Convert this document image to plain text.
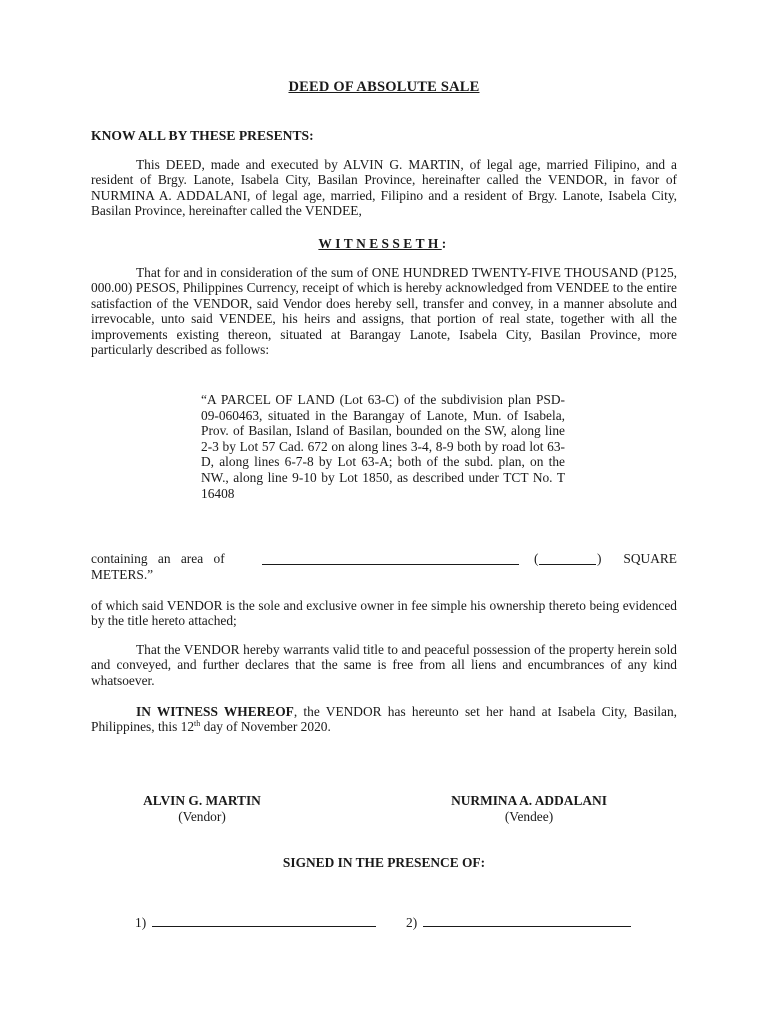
DEED OF ABSOLUTE SALE
KNOW ALL BY THESE PRESENTS:
This DEED, made and executed by ALVIN G. MARTIN, of legal age, married Filipino, and a resident of Brgy. Lanote, Isabela City, Basilan Province, hereinafter called the VENDOR, in favor of NURMINA A. ADDALANI, of legal age, married, Filipino and a resident of Brgy. Lanote, Isabela City, Basilan Province, hereinafter called the VENDEE,
WITNESSETH:
That for and in consideration of the sum of ONE HUNDRED TWENTY-FIVE THOUSAND (P125, 000.00) PESOS, Philippines Currency, receipt of which is hereby acknowledged from VENDEE to the entire satisfaction of the VENDOR, said Vendor does hereby sell, transfer and convey, in a manner absolute and irrevocable, unto said VENDEE, his heirs and assigns, that portion of real state, together with all the improvements existing thereon, situated at Barangay Lanote, Isabela City, Basilan Province, more particularly described as follows:
“A PARCEL OF LAND (Lot 63-C) of the subdivision plan PSD-09-060463, situated in the Barangay of Lanote, Mun. of Isabela, Prov. of Basilan, Island of Basilan, bounded on the SW, along line 2-3 by Lot 57 Cad. 672 on along lines 3-4, 8-9 both by road lot 63-D, along lines 6-7-8 by Lot 63-A; both of the subd. plan, on the NW., along line 9-10 by Lot 1850, as described under TCT No. T 16408
containing an area of	(	) SQUARE
METERS.”
of which said VENDOR is the sole and exclusive owner in fee simple his ownership thereto being evidenced by the title hereto attached;
That the VENDOR hereby warrants valid title to and peaceful possession of the property herein sold and conveyed, and further declares that the same is free from all liens and encumbrances of any kind whatsoever.
IN WITNESS WHEREOF, the VENDOR has hereunto set her hand at Isabela City, Basilan, Philippines, this 12th day of November 2020.
ALVIN G. MARTIN
(Vendor)
NURMINA A. ADDALANI
(Vendee)
SIGNED IN THE PRESENCE OF:
1)	2)
